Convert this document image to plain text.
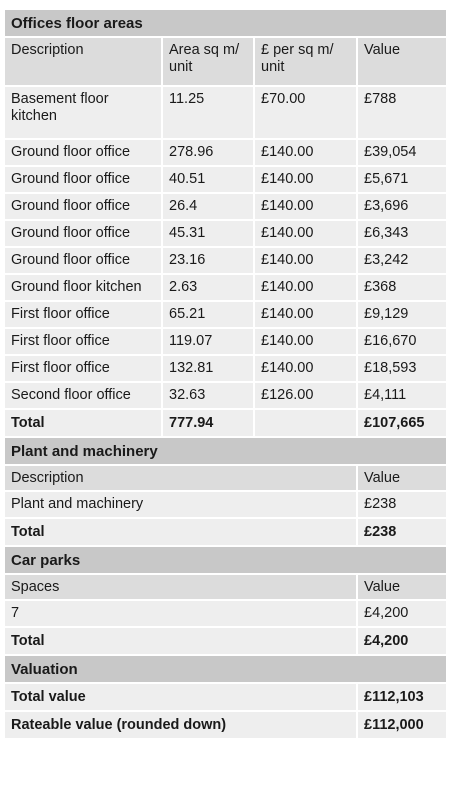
Offices floor areas			
Description	Area sq m/ unit	£ per sq m/ unit	Value
Basement floor kitchen	11.25	£70.00	£788
Ground floor office	278.96	£140.00	£39,054
Ground floor office	40.51	£140.00	£5,671
Ground floor office	26.4	£140.00	£3,696
Ground floor office	45.31	£140.00	£6,343
Ground floor office	23.16	£140.00	£3,242
Ground floor kitchen	2.63	£140.00	£368
First floor office	65.21	£140.00	£9,129
First floor office	119.07	£140.00	£16,670
First floor office	132.81	£140.00	£18,593
Second floor office	32.63	£126.00	£4,111
Total	777.94		£107,665
Plant and machinery			
Description			Value
Plant and machinery			£238
Total			£238
Car parks			
Spaces			Value
7			£4,200
Total			£4,200
Valuation			
Total value			£112,103
Rateable value (rounded down)			£112,000
